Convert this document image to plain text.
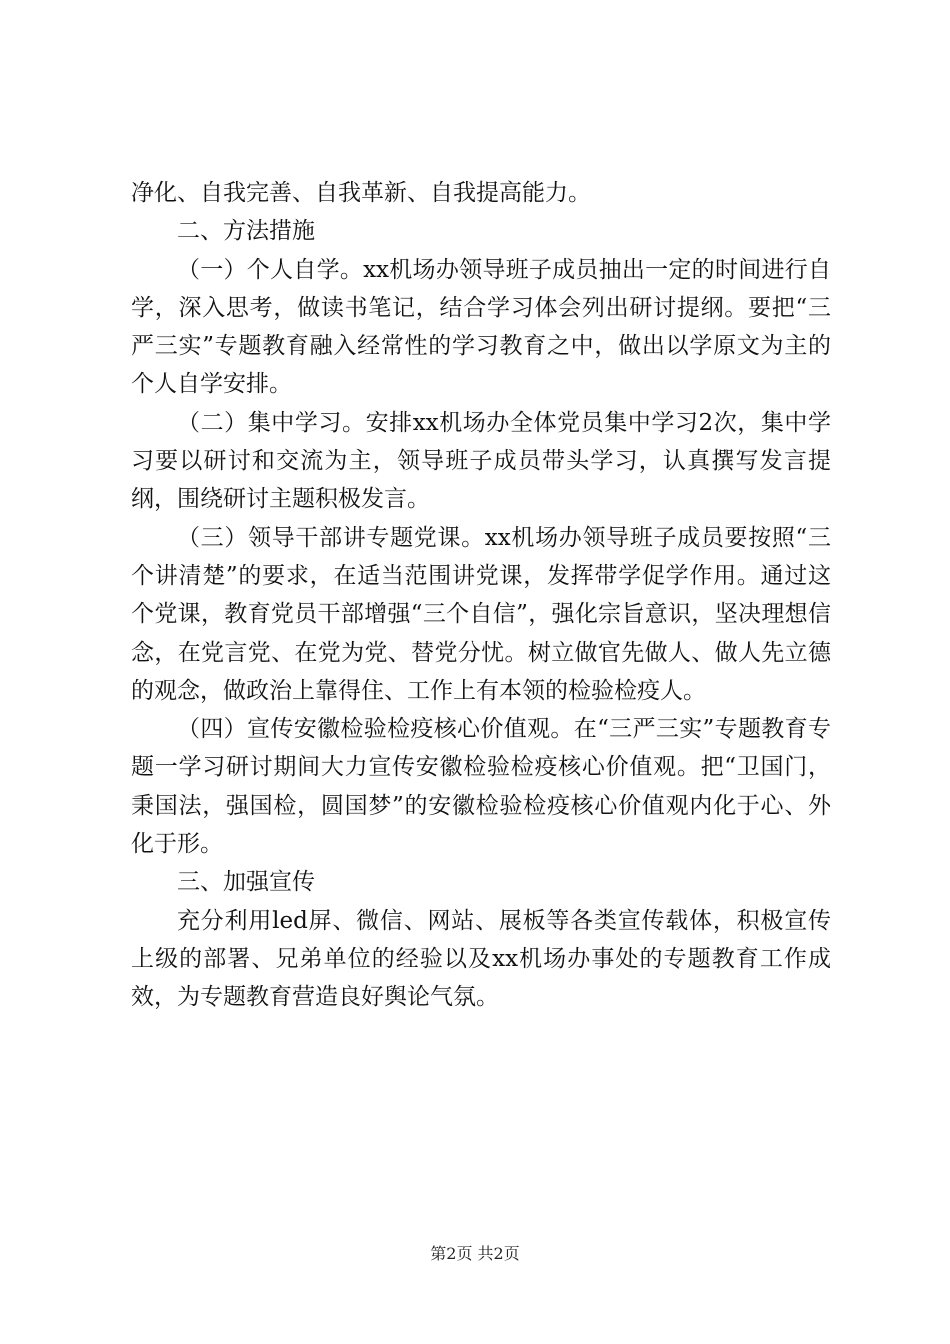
净化、自我完善、自我革新、自我提高能力。

二、方法措施

（一）个人自学。xx机场办领导班子成员抽出一定的时间进行自学，深入思考，做读书笔记，结合学习体会列出研讨提纲。要把“三严三实”专题教育融入经常性的学习教育之中，做出以学原文为主的个人自学安排。

（二）集中学习。安排xx机场办全体党员集中学习2次，集中学习要以研讨和交流为主，领导班子成员带头学习，认真撰写发言提纲，围绕研讨主题积极发言。

（三）领导干部讲专题党课。xx机场办领导班子成员要按照“三个讲清楚”的要求，在适当范围讲党课，发挥带学促学作用。通过这个党课，教育党员干部增强“三个自信”，强化宗旨意识，坚决理想信念，在党言党、在党为党、替党分忧。树立做官先做人、做人先立德的观念，做政治上靠得住、工作上有本领的检验检疫人。

（四）宣传安徽检验检疫核心价值观。在“三严三实”专题教育专题一学习研讨期间大力宣传安徽检验检疫核心价值观。把“卫国门，秉国法，强国检，圆国梦”的安徽检验检疫核心价值观内化于心、外化于形。

三、加强宣传

充分利用led屏、微信、网站、展板等各类宣传载体，积极宣传上级的部署、兄弟单位的经验以及xx机场办事处的专题教育工作成效，为专题教育营造良好舆论气氛。

第2页 共2页
